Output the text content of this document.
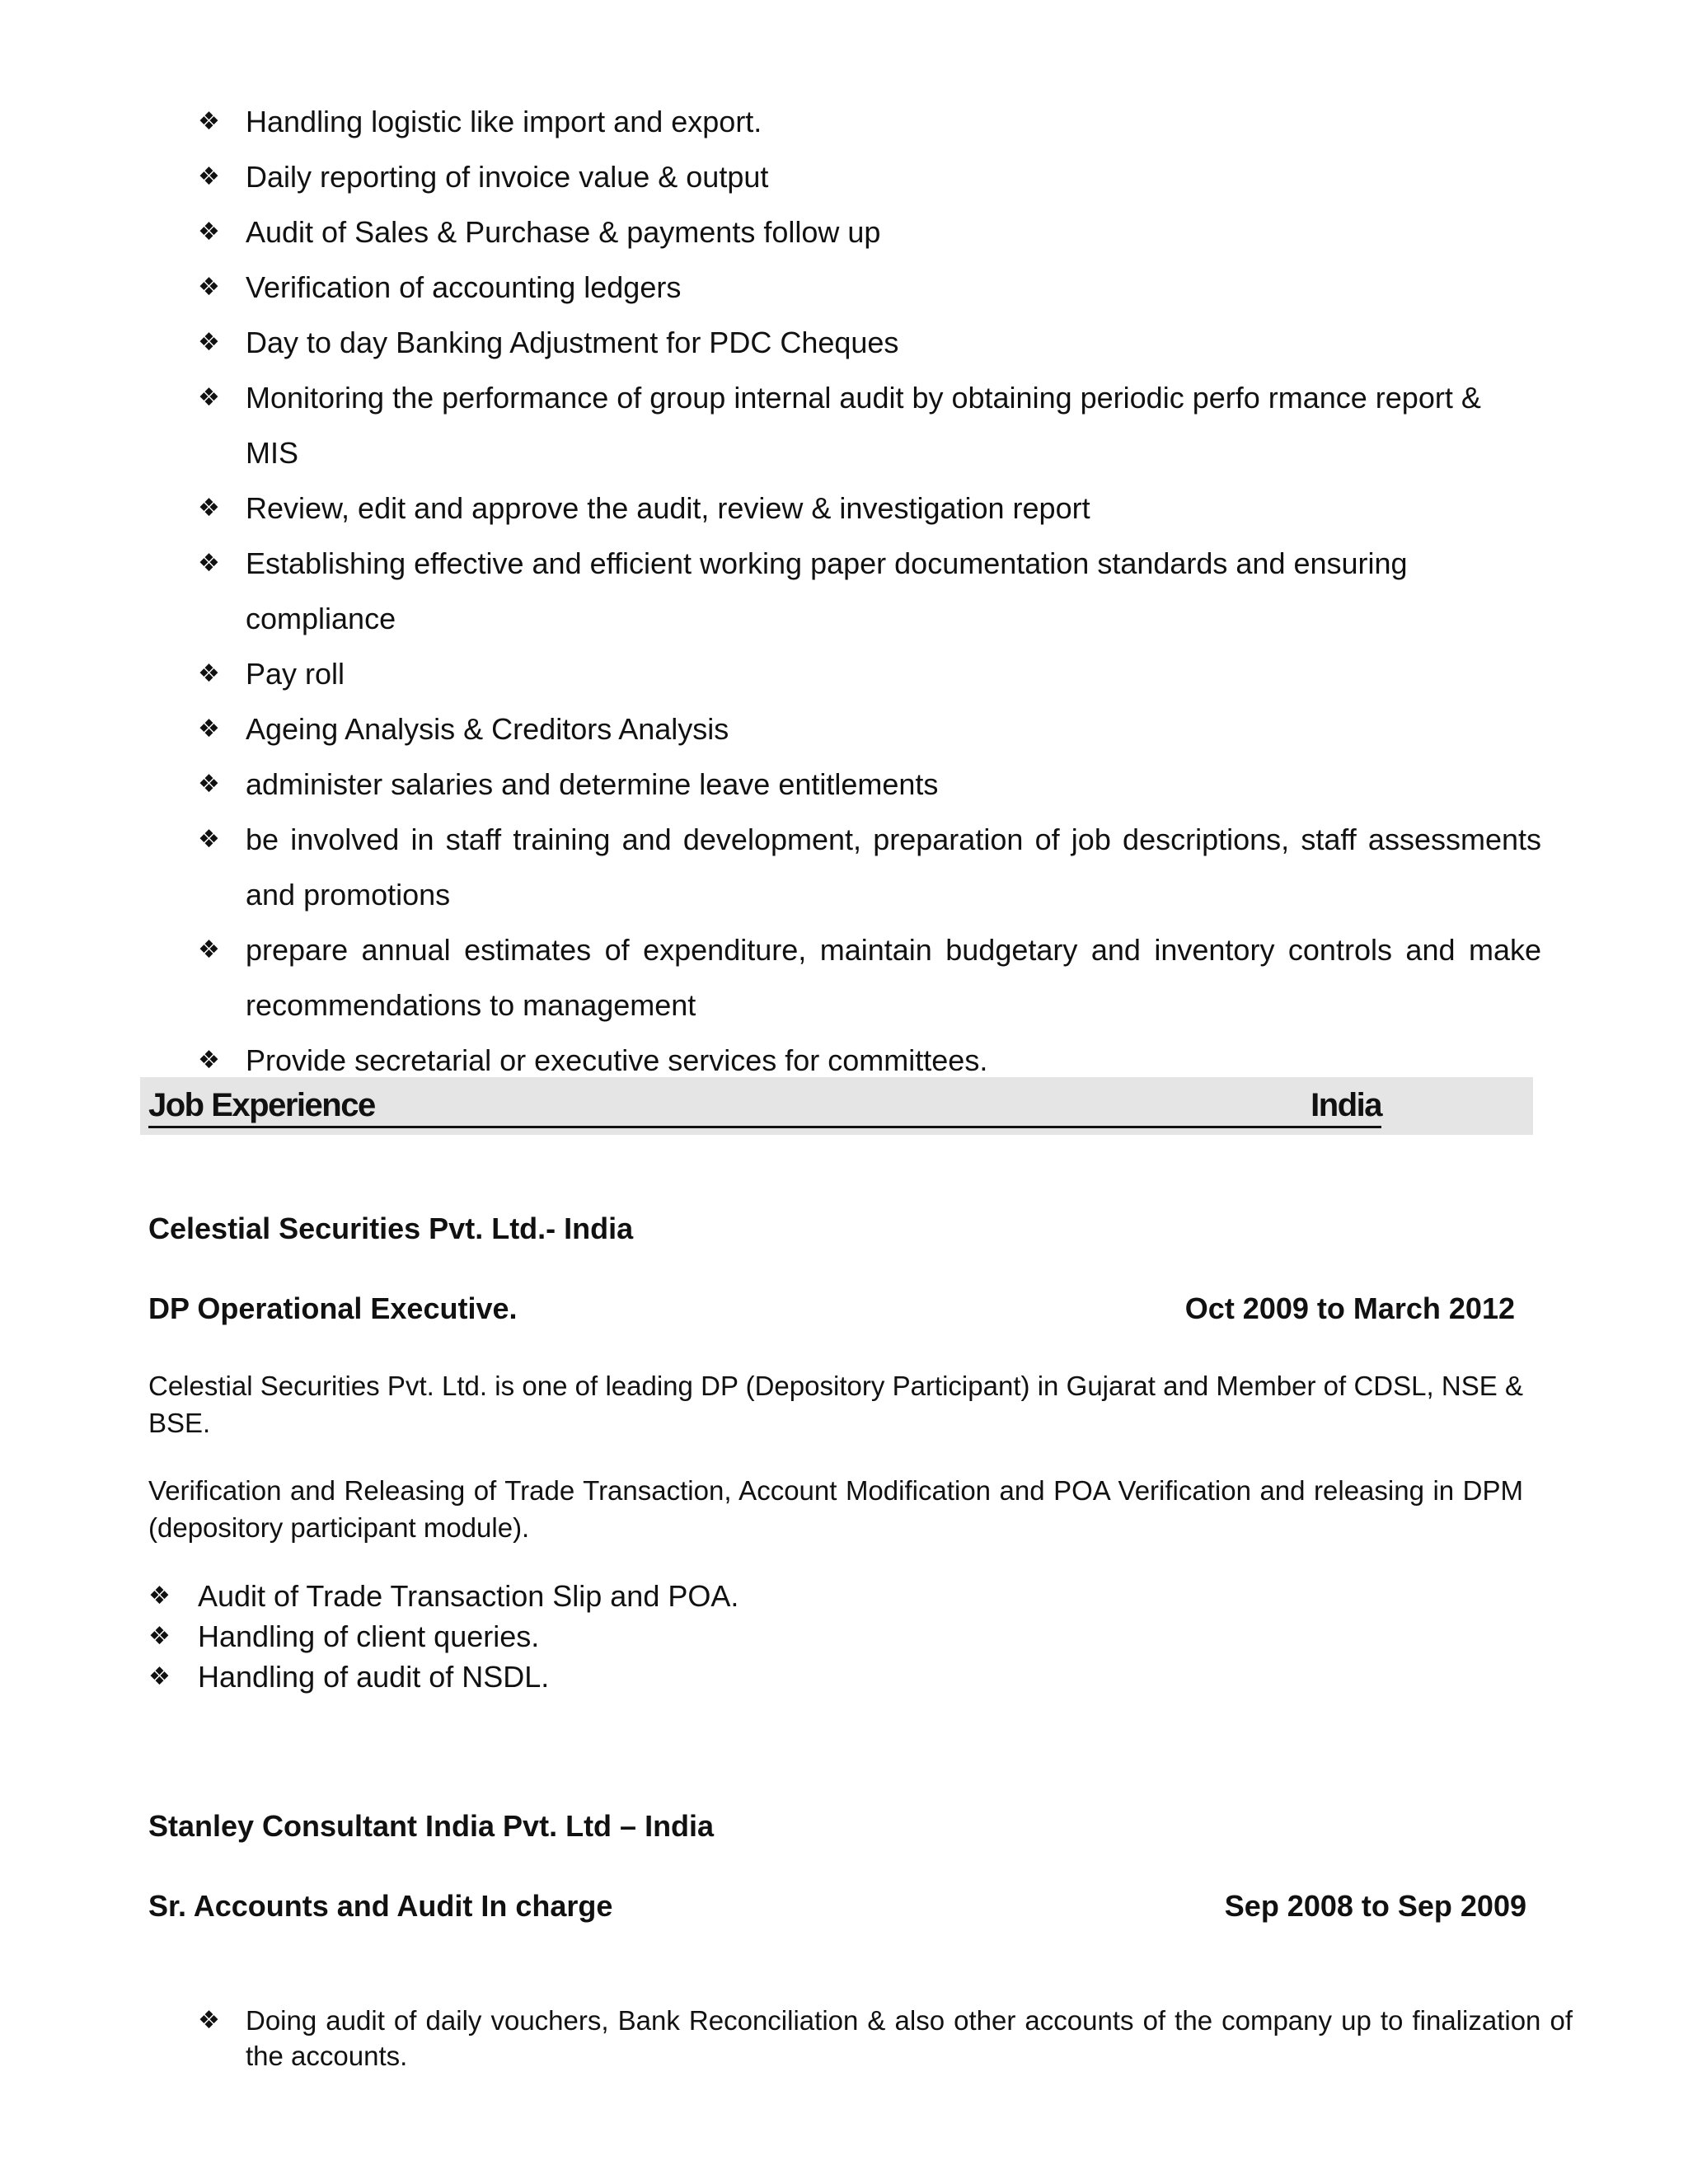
❖ Handling logistic like import and export.
❖ Daily reporting of invoice value & output
❖ Audit of Sales & Purchase & payments follow up
❖ Verification of accounting ledgers
❖ Day to day Banking Adjustment for PDC Cheques
❖ Monitoring the performance of group internal audit by obtaining periodic perfo rmance report & MIS
❖ Review, edit and approve the audit, review & investigation report
❖ Establishing effective and efficient working paper documentation standards and ensuring compliance
❖ Pay roll
❖ Ageing Analysis & Creditors Analysis
❖ administer salaries and determine leave entitlements
❖ be involved in staff training and development, preparation of job descriptions, staff assessments and promotions
❖ prepare annual estimates of expenditure, maintain budgetary and inventory controls and make recommendations to management
❖ Provide secretarial or executive services for committees.
Job Experience	India
Celestial Securities Pvt. Ltd.- India
DP Operational Executive.	Oct 2009 to March 2012
Celestial Securities Pvt. Ltd. is one of leading DP (Depository Participant) in Gujarat and Member of CDSL, NSE & BSE.
Verification and Releasing of Trade Transaction, Account Modification and POA Verification and releasing in DPM (depository participant module).
❖ Audit of Trade Transaction Slip and POA.
❖ Handling of client queries.
❖ Handling of audit of NSDL.
Stanley Consultant India Pvt. Ltd – India
Sr. Accounts and Audit In charge	Sep 2008 to Sep 2009
❖ Doing audit of daily vouchers, Bank Reconciliation & also other accounts of the company up to finalization of the accounts.
